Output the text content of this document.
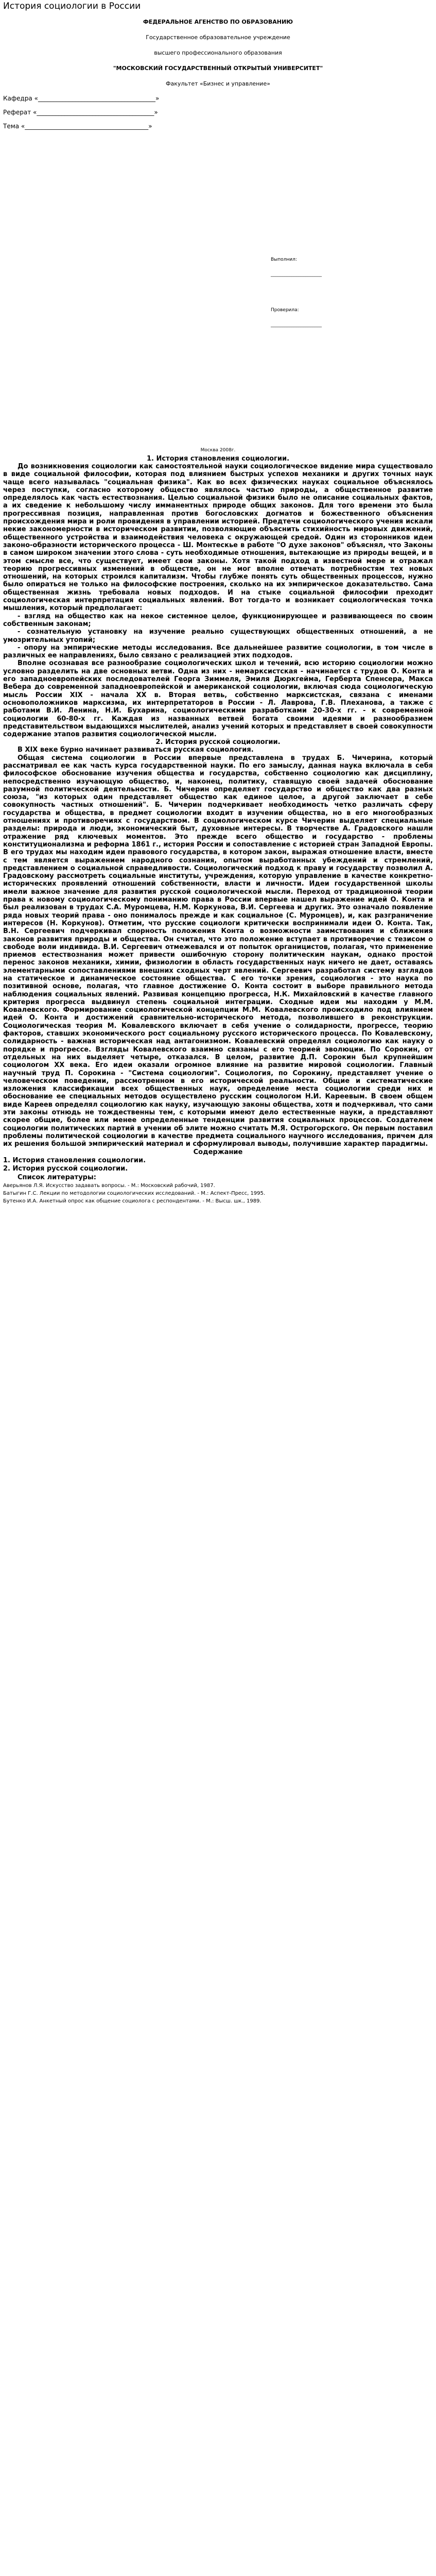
История социологии в России
ФЕДЕРАЛЬНОЕ АГЕНСТВО ПО ОБРАЗОВАНИЮ
Государственное образовательное учреждение
высшего профессионального образования
"МОСКОВСКИЙ ГОСУДАРСТВЕННЫЙ ОТКРЫТЫЙ УНИВЕРСИТЕТ"
Факультет «Бизнес и управление»
Кафедра «______________________________________»
Реферат «______________________________________»
Тема «________________________________________»
Выполнил:
______________________
Проверила:
______________________
Москва 2008г.
1. История становления социологии.

До возникновения социологии как самостоятельной науки социологическое видение мира существовало в виде социальной философии, которая под влиянием быстрых успехов механики и других точных наук чаще всего называлась "социальная физика". Как во всех физических науках социальное объяснялось через поступки, согласно которому общество являлось частью природы, а общественное развитие определялось как часть естествознания. Целью социальной физики было не описание социальных фактов, а их сведение к небольшому числу имманентных природе общих законов. Для того времени это была прогрессивная позиция, направленная против богословских догматов и божественного объяснения происхождения мира и роли провидения в управлении историей. Предтечи социологического учения искали некие закономерности в историческом развитии, позволяющие объяснить стихийность мировых движений, общественного устройства и взаимодействия человека с окружающей средой. Один из сторонников идеи законо-обраэности исторического процесса - Ш. Монтескье в работе "О духе законов" объяснял, что Законы в самом широком значении этого слова - суть необходимые отношения, вытекающие из природы вещей, и в этом смысле все, что существует, имеет свои законы. Хотя такой подход в известной мере и отражал теорию прогрессивных изменений в обществе, он не мог вполне отвечать потребностям тех новых отношений, на которых строился капитализм. Чтобы глубже понять суть общественных процессов, нужно было опираться не только на философские построения, сколько на их эмпирическое доказательство. Сама общественная жизнь требовала новых подходов. И на стыке социальной философии преходит социологическая интерпретация социальных явлений. Вот тогда-то и возникает социологическая точка мышления, который предполагает:

- взгляд на общество как на некое системное целое, функционирующее и развивающееся по своим собственным законам;

- сознательную установку на изучение реально существующих общественных отношений, а не умозрительных утопий;

- опору на эмпирические методы исследования. Все дальнейшее развитие социологии, в том числе в различных ее направлениях, было связано с реализацией этих подходов.

Вполне осознавая все разнообразие социологических школ и течений, всю историю социологии можно условно разделить на две основных ветви. Одна из них - немарксистская - начинается с трудов О. Конта и его западноевропейских последователей Георга Зиммеля, Эмиля Дюркгейма, Герберта Спенсера, Макса Вебера до современной западноевропейской и американской социологии, включая сюда социологическую мысль России XIX - начала XX в. Вторая ветвь, собственно марксистская, связана с именами основоположников марксизма, их интерпретаторов в России - Л. Лаврова, Г.В. Плеханова, а также с работами В.И. Ленина, Н.И. Бухарина, социологическими разработками 20-30-х гг. - к современной социологии 60-80-х гг. Каждая из названных ветвей богата своими идеями и разнообразием представительством выдающихся мыслителей, анализ учений которых и представляет в своей совокупности содержание этапов развития социологической мысли.

2. История русской социологии.

В XIX веке бурно начинает развиваться русская социология.

Общая система социологии в России впервые представлена в трудах Б. Чичерина, который рассматривал ее как часть курса государственной науки. По его замыслу, данная наука включала в себя философское обоснование изучения общества и государства, собственно социологию как дисциплину, непосредственно изучающую общество, и, наконец, политику, ставящую своей задачей обоснование разумной политической деятельности. Б. Чичерин определяет государство и общество как два разных союза, "из которых один представляет общество как единое целое, а другой заключает в себе совокупность частных отношений". Б. Чичерин подчеркивает необходимость четко различать сферу государства и общества, в предмет социологии входит в изучении общества, но в его многообразных отношениях и противоречиях с государством. В социологическом курсе Чичерин выделяет специальные разделы: природа и люди, экономический быт, духовные интересы. В творчестве А. Градовского нашли отражение ряд ключевых моментов. Это прежде всего общество и государство - проблемы конституционализма и реформа 1861 г., история России и сопоставление с историей стран Западной Европы. В его трудах мы находим идеи правового государства, в котором закон, выражая отношение власти, вместе с тем является выражением народного сознания, опытом выработанных убеждений и стремлений, представлением о социальной справедливости. Социологический подход к праву и государству позволил А. Градовскому рассмотреть социальные институты, учреждения, которую управление в качестве конкретно-исторических проявлений отношений собственности, власти и личности. Идеи государственной школы имели важное значение для развития русской социологической мысли. Переход от традиционной теории права к новому социологическому пониманию права в России впервые нашел выражение идей О. Конта и был реализован в трудах С.А. Муромцева, Н.М. Коркунова, В.И. Сергеева и других. Это означало появление ряда новых теорий права - оно понималось прежде и как социальное (С. Муромцев), и, как разграничение интересов (Н. Коркунов). Отметим, что русские социологи критически воспринимали идеи О. Конта. Так, В.Н. Сергеевич подчеркивал спорность положения Конта о возможности заимствования и сближения законов развития природы и общества. Он считал, что это положение вступает в противоречие с тезисом о свободе воли индивида. В.И. Сергеевич отмежевался и от попыток органицистов, полагая, что применение приемов естествознания может привести ошибочную сторону политическим наукам, однако простой перенос законов механики, химии, физиологии в область государственных наук ничего не дает, оставаясь элементарными сопоставлениями внешних сходных черт явлений. Сергеевич разработал систему взглядов на статическое и динамическое состояние общества. С его точки зрения, социология - это наука по позитивной основе, полагая, что главное достижение О. Конта состоит в выборе правильного метода наблюдения социальных явлений. Развивая концепцию прогресса, Н.К. Михайловский в качестве главного критерия прогресса выдвинул степень социальной интеграции. Сходные идеи мы находим у М.М. Ковалевского. Формирование социологической концепции М.М. Ковалевского происходило под влиянием идей О. Конта и достижений сравнительно-исторического метода, позволившего в реконструкции. Социологическая теория М. Ковалевского включает в себя учение о солидарности, прогрессе, теорию факторов, ставших экономического рост социальному русского исторического процесса. По Ковалевскому, солидарность - важная историческая над антагонизмом. Ковалевский определял социологию как науку о порядке и прогрессе. Взгляды Ковалевского взаимно связаны с его теорией эволюции. По Сорокин, от отдельных на них выделяет четыре, отказался. В целом, развитие Д.П. Сорокин был крупнейшим социологом XX века. Его идеи оказали огромное влияние на развитие мировой социологии. Главный научный труд П. Сорокина - "Система социологии". Социология, по Сорокину, представляет учение о человеческом поведении, рассмотренном в его исторической реальности. Общие и систематические изложения классификации всех общественных наук, определение места социологии среди них и обоснование ее специальных методов осуществлено русским социологом Н.И. Кареевым. В своем общем виде Кареев определял социологию как науку, изучающую законы общества, хотя и подчеркивал, что сами эти законы отнюдь не тождественны тем, с которыми имеют дело естественные науки, а представляют скорее общие, более или менее определенные тенденции развития социальных процессов. Создателем социологии политических партий в учении об элите можно считать М.Я. Острогорского. Он первым поставил проблемы политической социологии в качестве предмета социального научного исследования, причем для их решения большой эмпирический материал и сформулировал выводы, получившие характер парадигмы.

Содержание

1. История становления социологии.

2. История русской социологии.

Список литературы:

Аверьянов Л.Я. Искусство задавать вопросы. - М.: Московский рабочий, 1987.

Батыгин Г.С. Лекции по методологии социологических исследований. - М.: Аспект-Пресс, 1995.

Бутенко И.А. Анкетный опрос как общение социолога с респондентами. - М.: Высш. шк., 1989.
